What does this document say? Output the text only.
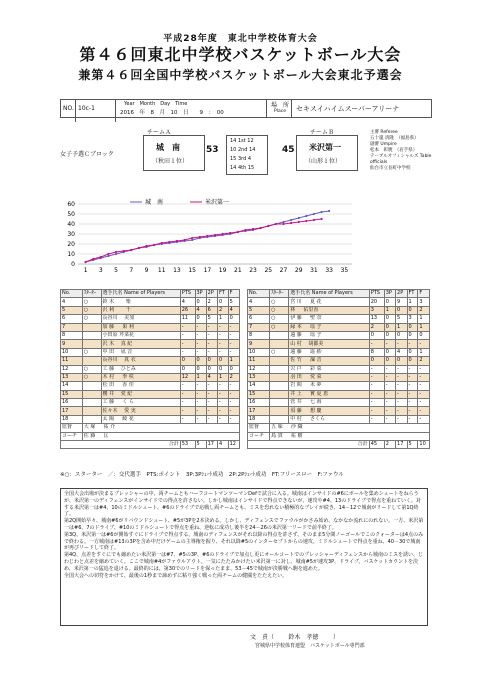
平成28年度　東北中学校体育大会
第４６回東北中学校バスケットボール大会
兼第４６回全国中学校バスケットボール大会東北予選会
NO. 10c-1
Year　Month　Day　Time
2016　年　8　月　10　日　　9　：　00
場　所
Place	セキスイハイムスーパーアリーナ
女子予選Ｃブロック
チームＡ
城　南
（秋田１位）
53
14 1st 12
10 2nd 14
15 3rd 4
14 4th 15
45
チームＢ
米沢第一
（山形１位）
主審 Referee
五十嵐 清隆　（福島県）
副審 Umpire
松本　彰暁　（岩手県）
テーブルオフィシャルズ Table officials
仙台市立長町中学校
0
10
20
30
40
50
60
1 3 5 7 9 11 13 15 17 19 21 23 25 27 29 31 33 35
城　南	米沢第一
No.	ｽﾀｰﾀｰ	選手氏名 Name of Players	PTS	3P	2P	FT	F
4	○	鈴 木 　　楽	4	0	2	0	5
5	○	沢 利 　　千	26	4	6	2	4
6	○	長谷川 　美加	11	0	5	1	0
7		加 藤 　 果 利	-	-	-	-	-
8		小田原 芹菜花	-	-	-	-	-
9		沢 木 　真 紀	-	-	-	-	-
10	○	中 田 　凪 音	-	-	-	-	-
11		長谷川 　真 衣	0	0	0	0	1
12	○	工 藤 　ひとみ	0	0	0	0	0
13	○	木 村 　 季 咲	12	1	4	1	2
14		松 田 　 香 佳	-	-	-	-	-
15		櫻 井 　愛 紀	-	-	-	-	-
16		工 藤 　 く ら	-	-	-	-	-
17		佐々木 　愛 実	-	-	-	-	-
18		太 陽 　 綾 花	-	-	-	-	-
監督	大 塚 　 祐 介						
コーチ	佐 藤 　 匡						
合計			53	5	17	4	12
No.	ｽﾀｰﾀｰ	選手氏名 Name of Players	PTS	3P	2P	FT	F
4	○	宮 川 　 夏 花	20	0	9	1	3
5	○	林 　 佑里香	3	1	0	0	2
6	○	伊 藤 　 聖 奈	13	0	5	3	1
7	○	縁 本 　 瑶 子	2	0	1	0	1
8		遠 藤 　 瑶 子	0	0	0	0	0
9		山 村 　胡都美	-	-	-	-	-
10	○	遠 藤 　 遥 紗	8	0	4	0	1
11		佐 竹 　 凜 音	0	0	0	0	2
12		宍 戸 　 彩 菜	-	-	-	-	-
13		羽 田 　 愛 菜	-	-	-	-	-
14		岩 間 　 未 夢	-	-	-	-	-
15		井 上 　 實 夏 恵	-	-	-	-	-
16		菅 井 　 七 海	-	-	-	-	-
17		須 藤 　 想 慶	-	-	-	-	-
18		中 村 　 さくら	-	-	-	-	-
監督	五 味 　 沙 織						
コーチ	島 貫 　 祐 樹						
合計			45	2	17	5	10
※○：スターター　／：交代選手　PTS:ポイント　3P:3Pｼｭｰﾄ成功　2P:2Pｼｭｰﾄ成功　FT:フリースロー　F:ファウル
全国大会出場が決まるプレッシャーの中、両チームともハーフコートマンツーマンDefで試合に入る。城南はインサイドの#6にボールを集めシュートをねらうが、米沢第一のディフェンスがインサイドでの得点を許さない。しかし城南はインサイドで得点できないが、速攻や#4、13のドライブで得点を重ねていく。対する米沢第一は#4、10のミドルシュート、#6のドライブで応戦し両チームとも、ミスを恐れない積極的なプレイが続き、14－12で城南がリードして第1Q終了。
第2Q開始早々、城南#6がリバウンドシュート、#5が3Pを2本決める。しかし、ディフェンスでファウルがかさみ始め、なかなか流れにのれない。一方、米沢第一は#6、7のドライブ、#10のミドルシュートで得点を重ね、逆転に成功し後半を24－26の米沢第一リードで前半終了。
第3Q、米沢第一は#6が開始すぐにドライブで得点する。城南のディフェンスがそれ以降の得点を許さず、そのまま5分間ノーゴールでこのクォーターは4点のみで終わる。一方城南は#13の3Pを含め中だけゲームの主導権を握り、それ以降#5のインターセプトからの速攻、ミドルシュートで得点を重ね、40－30で城南が再びリードして終了。
第4Q、点差をすぐにでも縮めたい米沢第一は#7、#5の3P、#6のドライブで加点し更にオールコートでのプレッシャーディフェンスから城南のミスを誘い、じわじわと点差を縮めていく。ここで城南#4がファウルアウト。一気にたたみかけたい米沢第一に対し、城南#5が速攻3P、ドライブ、バスケットカウントを決め、米沢第一の猛追を退ける。最終的には、第30でのリードを保ったまま、53－45で城南が決勝戦へ駒を進めた。
全国大会への切符をかけて、最後の1秒まで諦めずに粘り強く戦った両チームの健闘をたたえたい。
文　責（ 鈴木　孝徳 ）
宮城県中学校体育連盟　バスケットボール専門部
